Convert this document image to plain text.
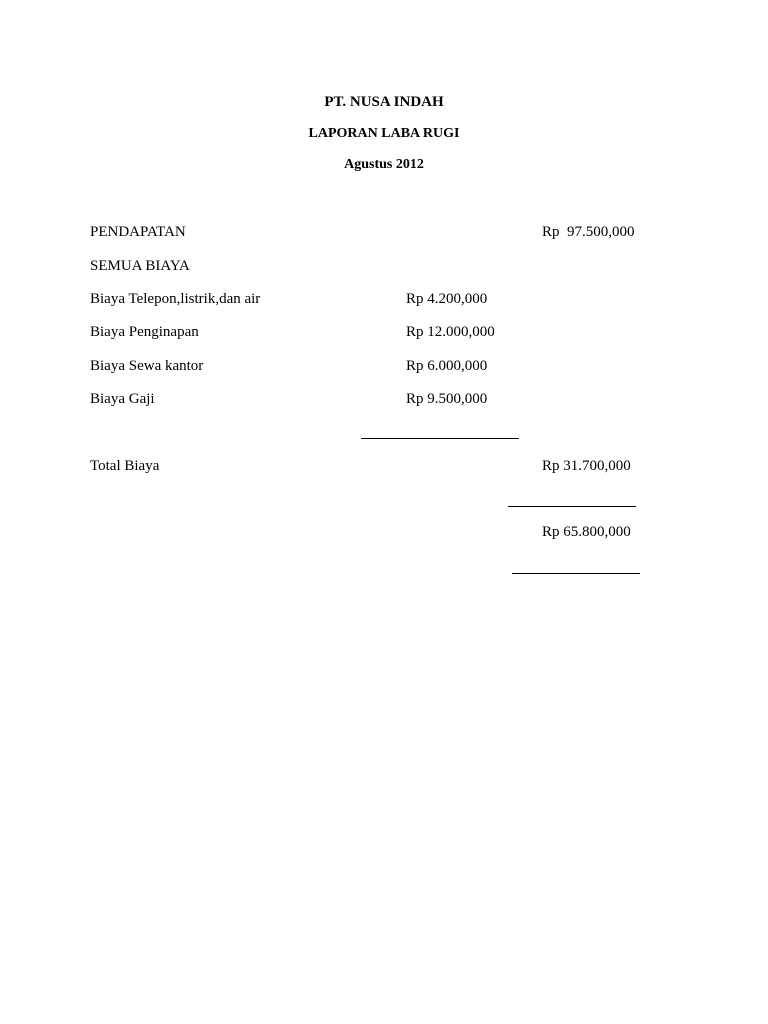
PT. NUSA INDAH
LAPORAN LABA RUGI
Agustus 2012
PENDAPATAN	Rp  97.500,000
SEMUA BIAYA
Biaya Telepon,listrik,dan air	Rp 4.200,000
Biaya Penginapan	Rp 12.000,000
Biaya Sewa kantor	Rp 6.000,000
Biaya Gaji	Rp 9.500,000
Total Biaya	Rp 31.700,000
Rp 65.800,000
